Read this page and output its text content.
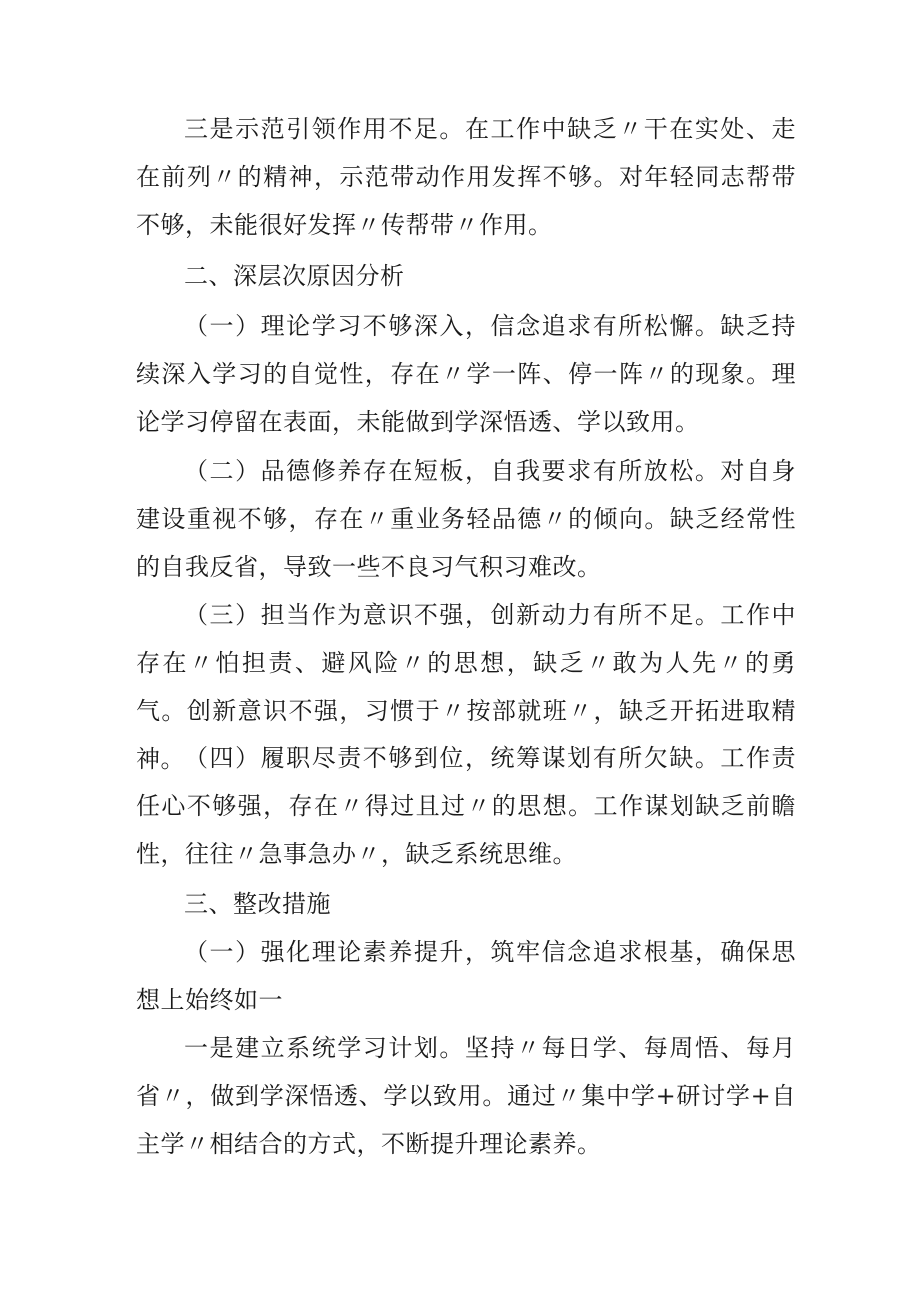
三是示范引领作用不足。在工作中缺乏〃干在实处、走在前列〃的精神，示范带动作用发挥不够。对年轻同志帮带不够，未能很好发挥〃传帮带〃作用。

二、深层次原因分析

（一）理论学习不够深入，信念追求有所松懈。缺乏持续深入学习的自觉性，存在〃学一阵、停一阵〃的现象。理论学习停留在表面，未能做到学深悟透、学以致用。

（二）品德修养存在短板，自我要求有所放松。对自身建设重视不够，存在〃重业务轻品德〃的倾向。缺乏经常性的自我反省，导致一些不良习气积习难改。

（三）担当作为意识不强，创新动力有所不足。工作中存在〃怕担责、避风险〃的思想，缺乏〃敢为人先〃的勇气。创新意识不强，习惯于〃按部就班〃，缺乏开拓进取精神。 （四）履职尽责不够到位，统筹谋划有所欠缺。工作责任心不够强，存在〃得过且过〃的思想。工作谋划缺乏前瞻性，往往〃急事急办〃，缺乏系统思维。

三、整改措施

（一）强化理论素养提升，筑牢信念追求根基，确保思想上始终如一

一是建立系统学习计划。坚持〃每日学、每周悟、每月省〃，做到学深悟透、学以致用。通过〃集中学+研讨学+自主学〃相结合的方式，不断提升理论素养。
